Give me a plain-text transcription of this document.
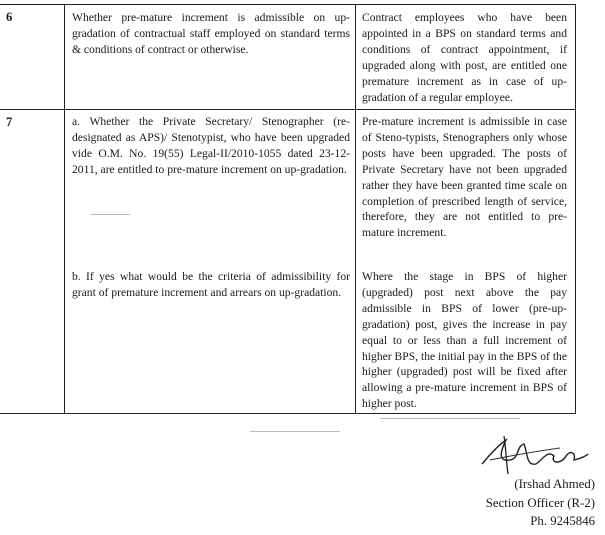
6	Whether pre-mature increment is admissible on up-gradation of contractual staff employed on standard terms & conditions of contract or otherwise.
Contract employees who have been appointed in a BPS on standard terms and conditions of contract appointment, if upgraded along with post, are entitled one premature increment as in case of up-gradation of a regular employee.
7	a. Whether the Private Secretary/ Stenographer (re-designated as APS)/ Stenotypist, who have been upgraded vide O.M. No. 19(55) Legal-II/2010-1055 dated 23-12-2011, are entitled to pre-mature increment on up-gradation.
Pre-mature increment is admissible in case of Steno-typists, Stenographers only whose posts have been upgraded. The posts of Private Secretary have not been upgraded rather they have been granted time scale on completion of prescribed length of service, therefore, they are not entitled to pre-mature increment.
b. If yes what would be the criteria of admissibility for grant of premature increment and arrears on up-gradation.
Where the stage in BPS of higher (upgraded) post next above the pay admissible in BPS of lower (pre-up-gradation) post, gives the increase in pay equal to or less than a full increment of higher BPS, the initial pay in the BPS of the higher (upgraded) post will be fixed after allowing a pre-mature increment in BPS of higher post.
(Irshad Ahmed)
Section Officer (R-2)
Ph. 9245846
